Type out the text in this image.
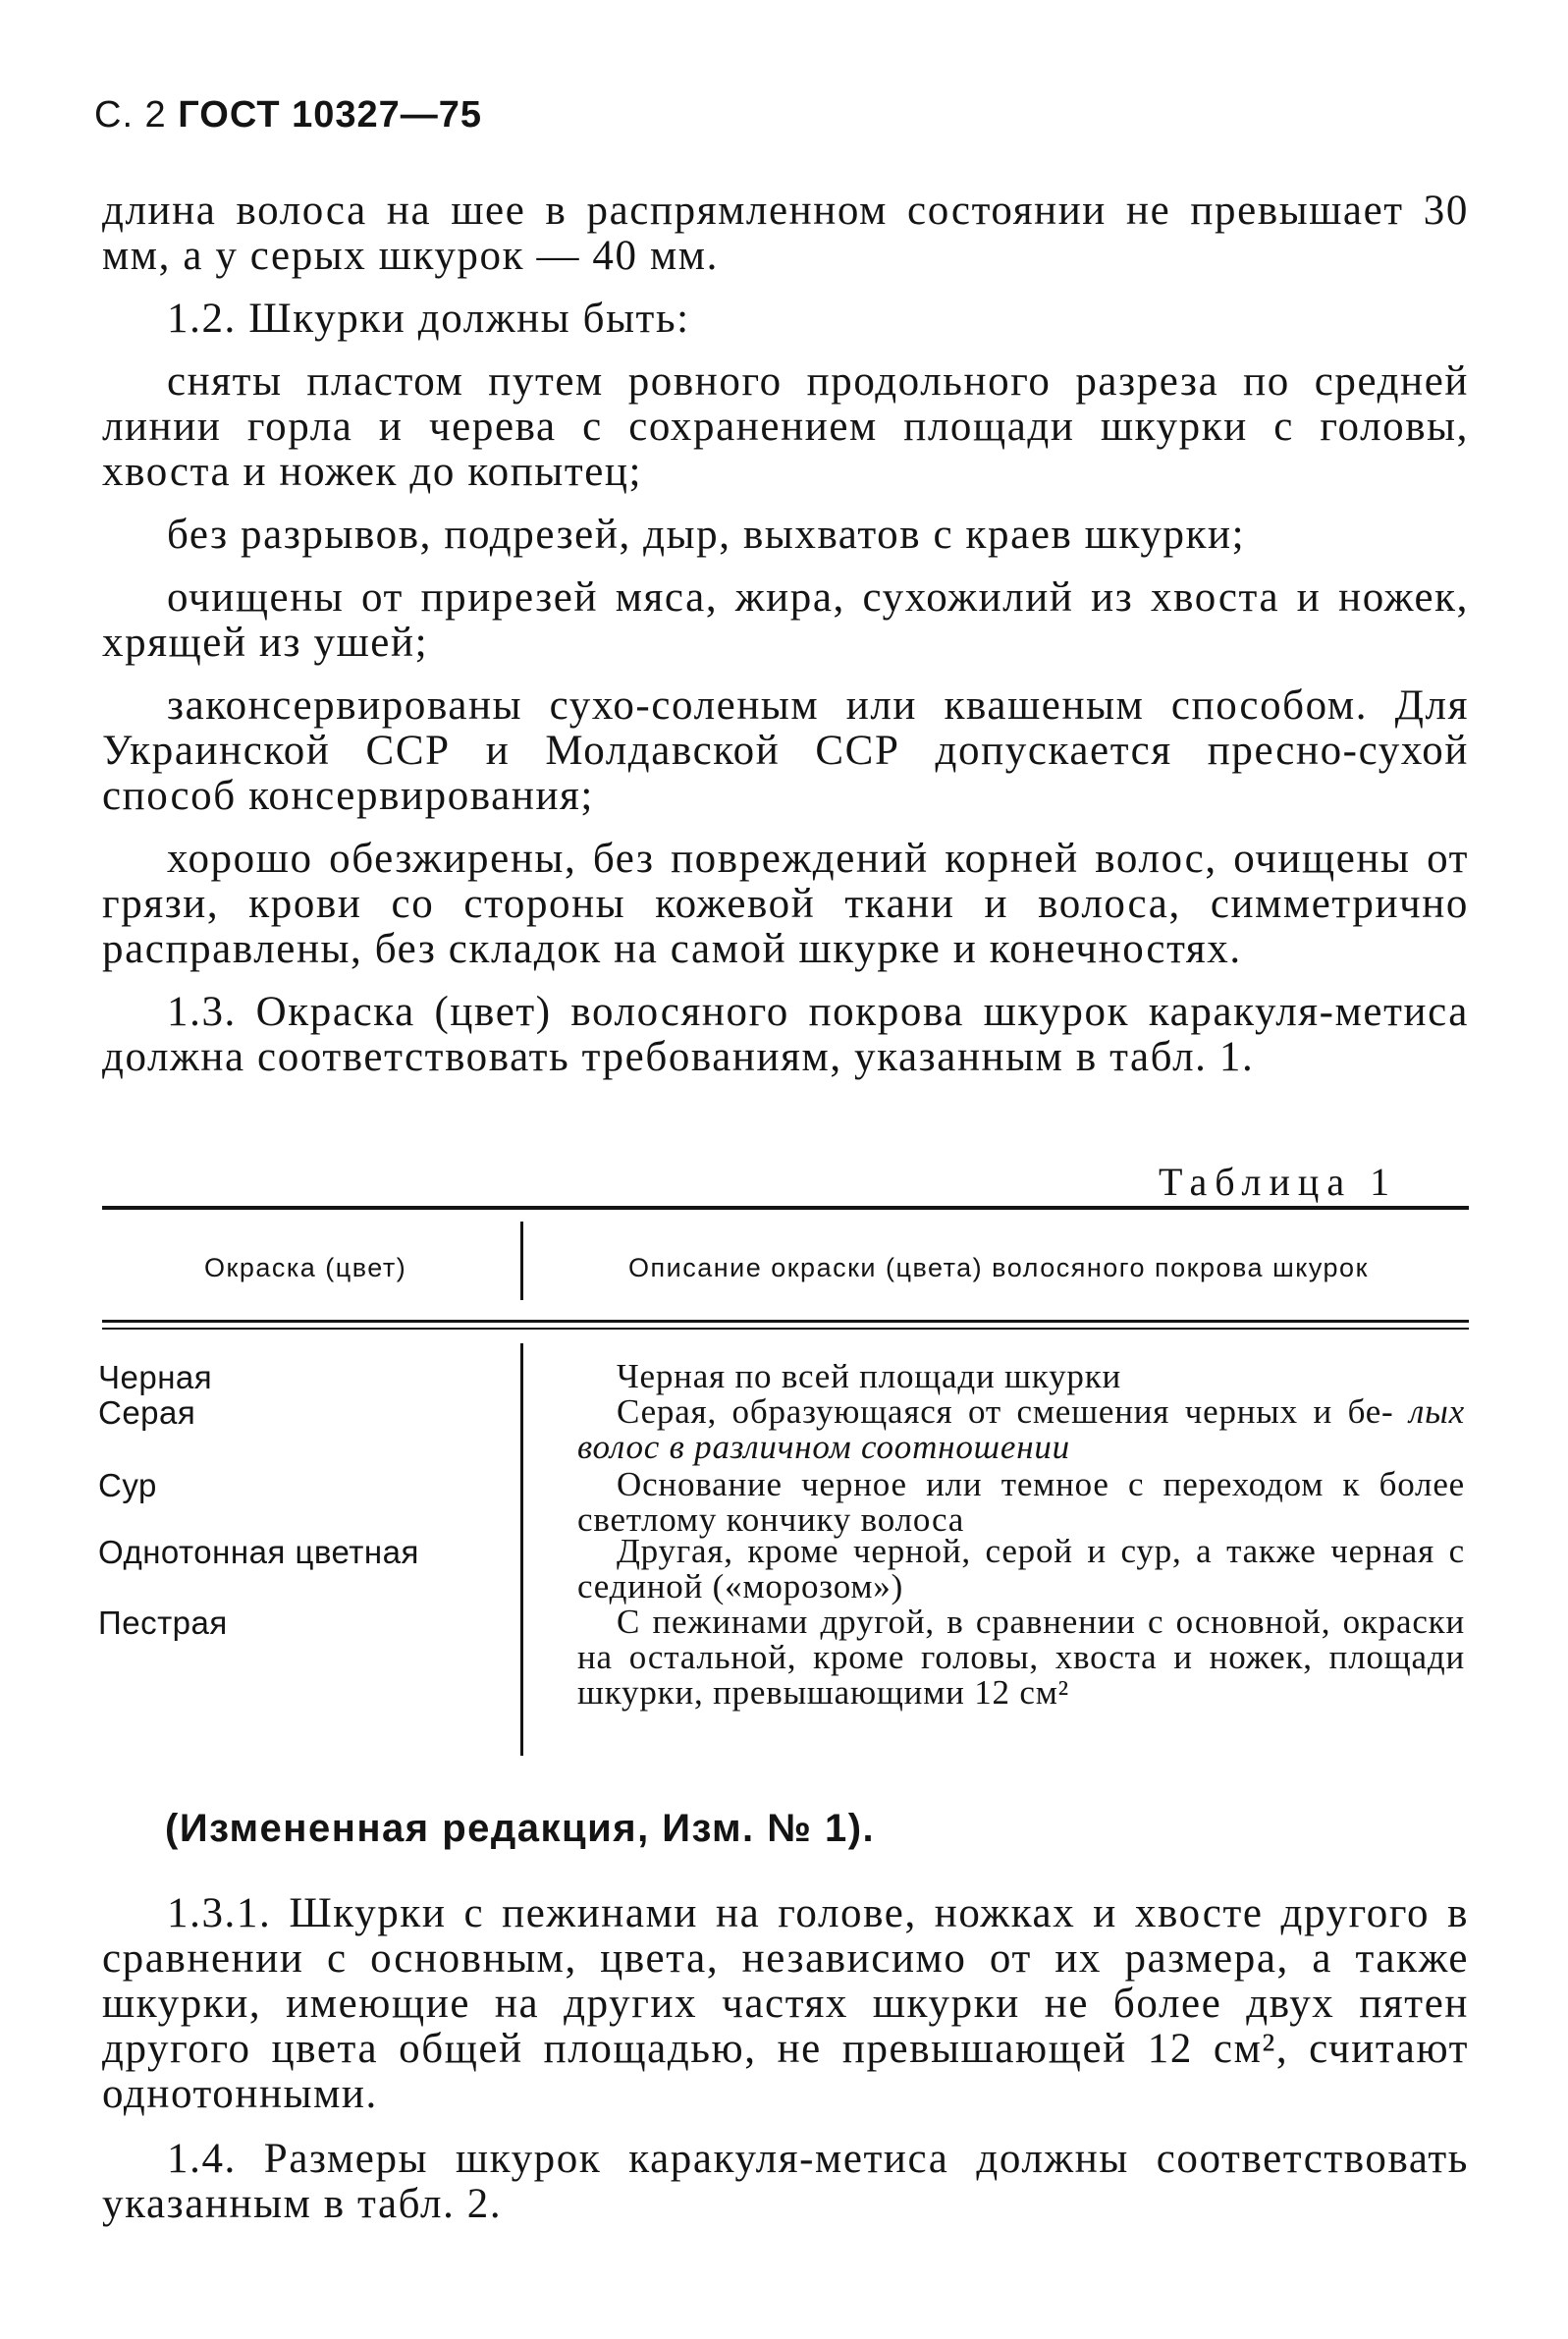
С. 2 ГОСТ 10327—75

длина волоса на шее в распрямленном состоянии не превышает 30 мм, а у серых шкурок — 40 мм.

1.2. Шкурки должны быть:

сняты пластом путем ровного продольного разреза по средней линии горла и черева с сохранением площади шкурки с головы, хвоста и ножек до копытец;

без разрывов, подрезей, дыр, выхватов с краев шкурки;

очищены от прирезей мяса, жира, сухожилий из хвоста и ножек, хрящей из ушей;

законсервированы сухо-соленым или квашеным способом. Для Украинской ССР и Молдавской ССР допускается пресно-сухой способ консервирования;

хорошо обезжирены, без повреждений корней волос, очищены от грязи, крови со стороны кожевой ткани и волоса, симметрично расправлены, без складок на самой шкурке и конечностях.

1.3. Окраска (цвет) волосяного покрова шкурок каракуля-метиса должна соответствовать требованиям, указанным в табл. 1.

Таблица 1
Окраска (цвет)	Описание окраски (цвета) волосяного покрова шкурок
Черная	Черная по всей площади шкурки
Серая	Серая, образующаяся от смешения черных и бе- лых волос в различном соотношении
Сур	Основание черное или темное с переходом к более светлому кончику волоса
Однотонная цветная	Другая, кроме черной, серой и сур, а также черная с сединой («морозом»)
Пестрая	С пежинами другой, в сравнении с основной, окраски на остальной, кроме головы, хвоста и ножек, площади шкурки, превышающими 12 см²
(Измененная редакция, Изм. № 1).

1.3.1. Шкурки с пежинами на голове, ножках и хвосте другого в сравнении с основным, цвета, независимо от их размера, а также шкурки, имеющие на других частях шкурки не более двух пятен другого цвета общей площадью, не превышающей 12 см², считают однотонными.

1.4. Размеры шкурок каракуля-метиса должны соответствовать указанным в табл. 2.
